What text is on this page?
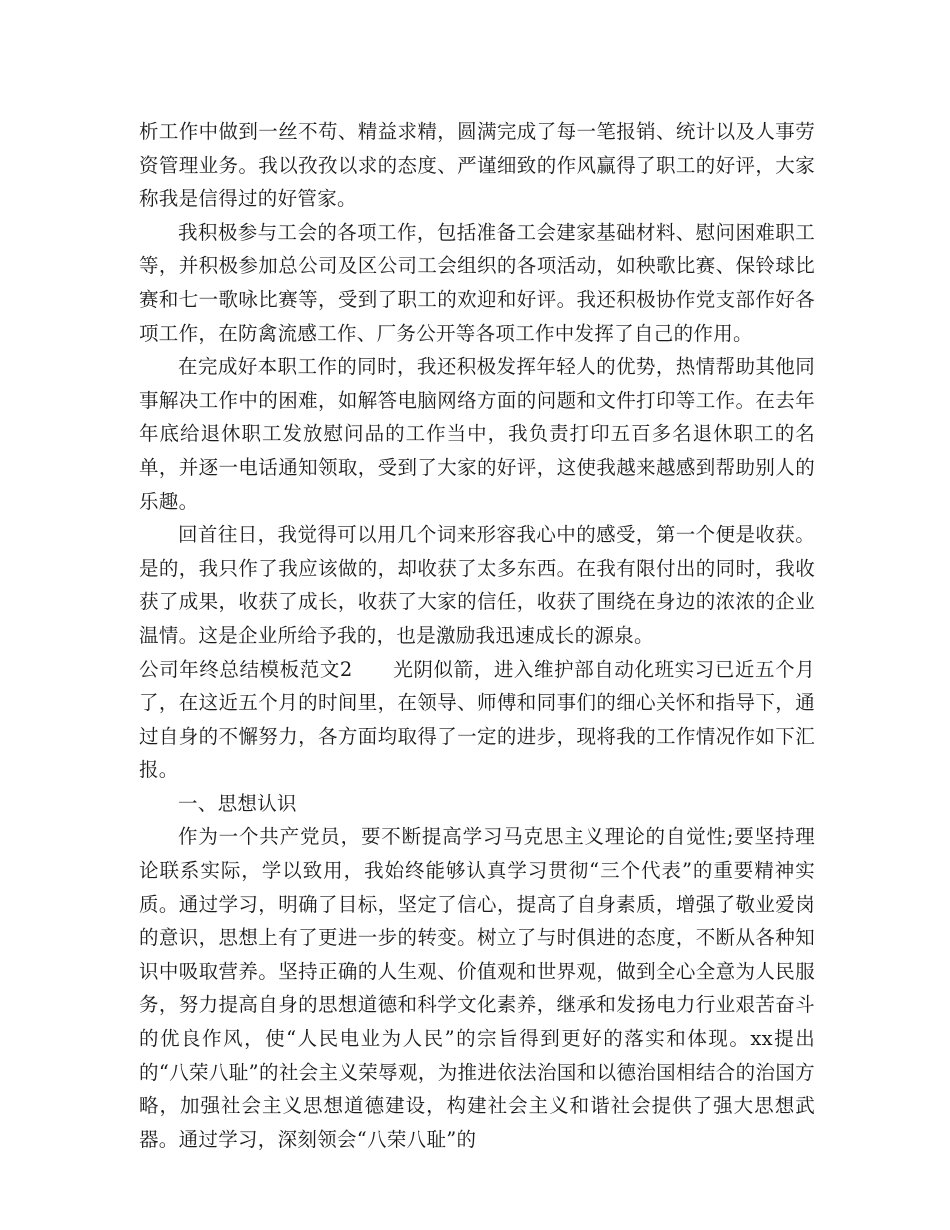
析工作中做到一丝不苟、精益求精，圆满完成了每一笔报销、统计以及人事劳资管理业务。我以孜孜以求的态度、严谨细致的作风赢得了职工的好评，大家称我是信得过的好管家。

我积极参与工会的各项工作，包括准备工会建家基础材料、慰问困难职工等，并积极参加总公司及区公司工会组织的各项活动，如秧歌比赛、保铃球比赛和七一歌咏比赛等，受到了职工的欢迎和好评。我还积极协作党支部作好各项工作，在防禽流感工作、厂务公开等各项工作中发挥了自己的作用。

在完成好本职工作的同时，我还积极发挥年轻人的优势，热情帮助其他同事解决工作中的困难，如解答电脑网络方面的问题和文件打印等工作。在去年年底给退休职工发放慰问品的工作当中，我负责打印五百多名退休职工的名单，并逐一电话通知领取，受到了大家的好评，这使我越来越感到帮助别人的乐趣。

回首往日，我觉得可以用几个词来形容我心中的感受，第一个便是收获。是的，我只作了我应该做的，却收获了太多东西。在我有限付出的同时，我收获了成果，收获了成长，收获了大家的信任，收获了围绕在身边的浓浓的企业温情。这是企业所给予我的，也是激励我迅速成长的源泉。

公司年终总结模板范文2 光阴似箭，进入维护部自动化班实习已近五个月了，在这近五个月的时间里，在领导、师傅和同事们的细心关怀和指导下，通过自身的不懈努力，各方面均取得了一定的进步，现将我的工作情况作如下汇报。

一、思想认识

作为一个共产党员，要不断提高学习马克思主义理论的自觉性;要坚持理论联系实际，学以致用，我始终能够认真学习贯彻“三个代表”的重要精神实质。通过学习，明确了目标，坚定了信心，提高了自身素质，增强了敬业爱岗的意识，思想上有了更进一步的转变。树立了与时俱进的态度，不断从各种知识中吸取营养。坚持正确的人生观、价值观和世界观，做到全心全意为人民服务，努力提高自身的思想道德和科学文化素养，继承和发扬电力行业艰苦奋斗的优良作风，使“人民电业为人民”的宗旨得到更好的落实和体现。xx提出的“八荣八耻”的社会主义荣辱观，为推进依法治国和以德治国相结合的治国方略，加强社会主义思想道德建设，构建社会主义和谐社会提供了强大思想武器。通过学习，深刻领会“八荣八耻”的
